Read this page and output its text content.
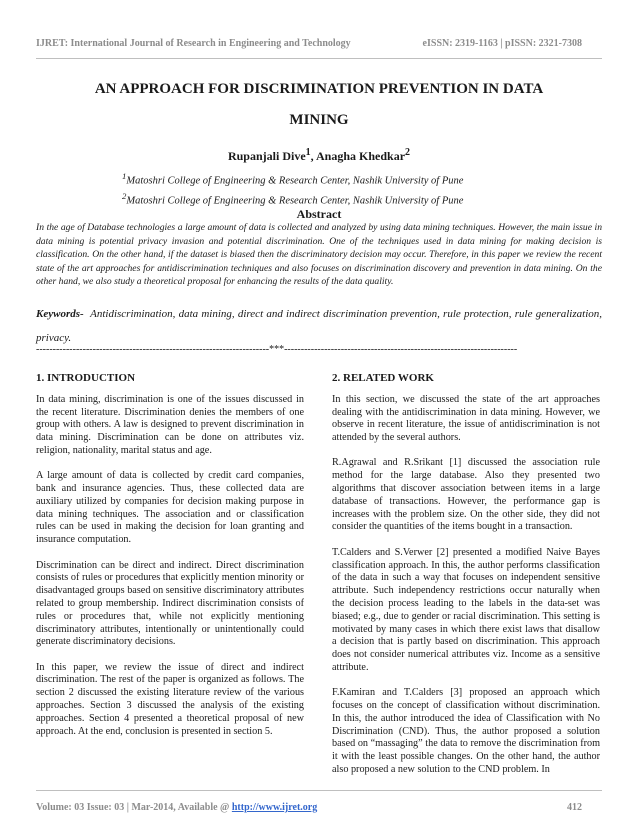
IJRET: International Journal of Research in Engineering and Technology	eISSN: 2319-1163 | pISSN: 2321-7308
AN APPROACH FOR DISCRIMINATION PREVENTION IN DATA
MINING
Rupanjali Dive$^1$, Anagha Khedkar$^2$
$^1$Matoshri College of Engineering & Research Center, Nashik University of Pune
$^2$Matoshri College of Engineering & Research Center, Nashik University of Pune
Abstract
In the age of Database technologies a large amount of data is collected and analyzed by using data mining techniques. However, the main issue in data mining is potential privacy invasion and potential discrimination. One of the techniques used in data mining for making decision is classification. On the other hand, if the dataset is biased then the discriminatory decision may occur. Therefore, in this paper we review the recent state of the art approaches for antidiscrimination techniques and also focuses on discrimination discovery and prevention in data mining. On the other hand, we also study a theoretical proposal for enhancing the results of the data quality.
Keywords- Antidiscrimination, data mining, direct and indirect discrimination prevention, rule protection, rule generalization, privacy.
----------------------------------------------------------------------***----------------------------------------------------------------------
1. INTRODUCTION

In data mining, discrimination is one of the issues discussed in the recent literature. Discrimination denies the members of one group with others. A law is designed to prevent discrimination in data mining. Discrimination can be done on attributes viz. religion, nationality, marital status and age.

A large amount of data is collected by credit card companies, bank and insurance agencies. Thus, these collected data are auxiliary utilized by companies for decision making purpose in data mining techniques. The association and or classification rules can be used in making the decision for loan granting and insurance computation.

Discrimination can be direct and indirect. Direct discrimination consists of rules or procedures that explicitly mention minority or disadvantaged groups based on sensitive discriminatory attributes related to group membership. Indirect discrimination consists of rules or procedures that, while not explicitly mentioning discriminatory attributes, intentionally or unintentionally could generate discriminatory decisions.

In this paper, we review the issue of direct and indirect discrimination. The rest of the paper is organized as follows. The section 2 discussed the existing literature review of the various approaches. Section 3 discussed the analysis of the existing approaches. Section 4 presented a theoretical proposal of new approach. At the end, conclusion is presented in section 5.

2. RELATED WORK

In this section, we discussed the state of the art approaches dealing with the antidiscrimination in data mining. However, we observe in recent literature, the issue of antidiscrimination is not attended by the several authors.

R.Agrawal and R.Srikant [1] discussed the association rule method for the large database. Also they presented two algorithms that discover association between items in a large database of transactions. However, the performance gap is increases with the problem size. On the other side, they did not consider the quantities of the items bought in a transaction.

T.Calders and S.Verwer [2] presented a modified Naive Bayes classification approach. In this, the author performs classification of the data in such a way that focuses on independent sensitive attribute. Such independency restrictions occur naturally when the decision process leading to the labels in the data-set was biased; e.g., due to gender or racial discrimination. This setting is motivated by many cases in which there exist laws that disallow a decision that is partly based on discrimination. This approach does not consider numerical attributes viz. Income as a sensitive attribute.

F.Kamiran and T.Calders [3] proposed an approach which focuses on the concept of classification without discrimination. In this, the author introduced the idea of Classification with No Discrimination (CND). Thus, the author proposed a solution based on “massaging” the data to remove the discrimination from it with the least possible changes. On the other hand, the author also proposed a new solution to the CND problem. In

Volume: 03 Issue: 03 | Mar-2014, Available @ http://www.ijret.org	412
